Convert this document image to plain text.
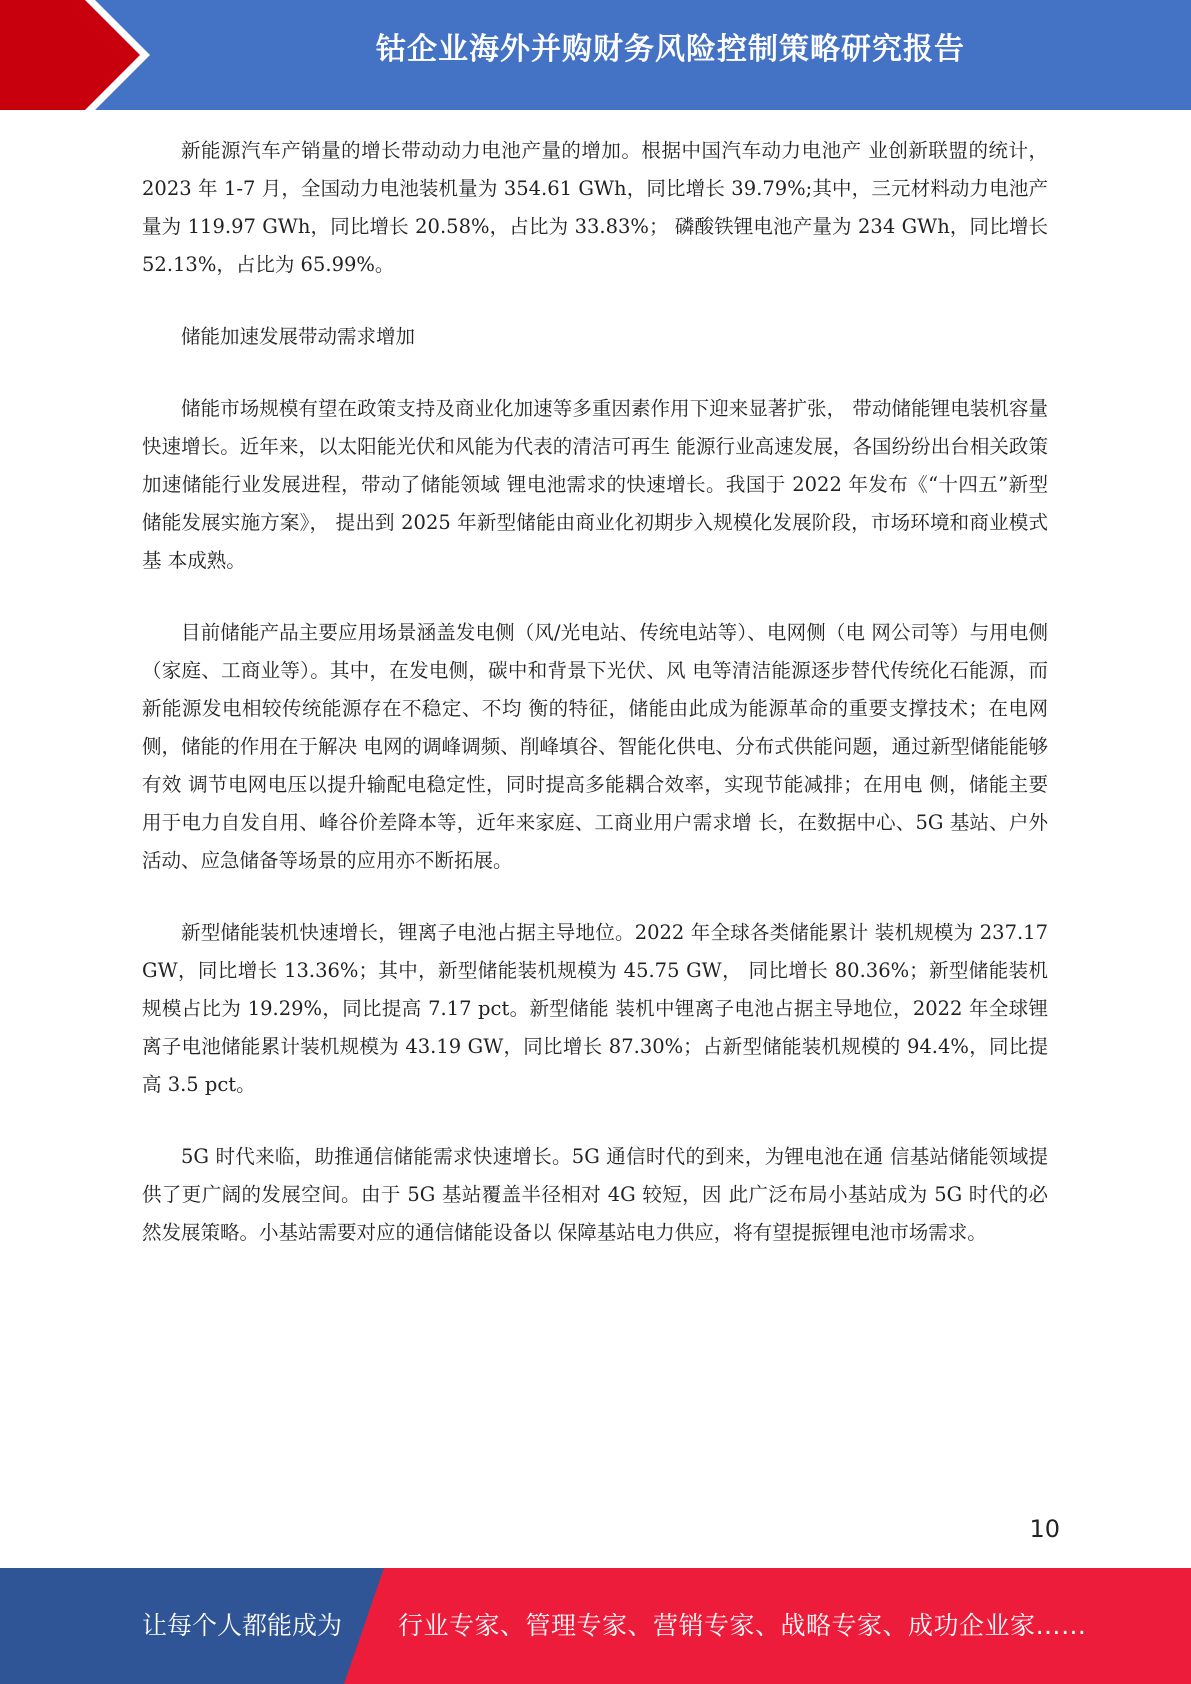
钴企业海外并购财务风险控制策略研究报告

新能源汽车产销量的增长带动动力电池产量的增加。根据中国汽车动力电池产 业创新联盟的统计，2023 年 1-7 月，全国动力电池装机量为 354.61 GWh，同比增长 39.79%;其中，三元材料动力电池产量为 119.97 GWh，同比增长 20.58%，占比为 33.83%； 磷酸铁锂电池产量为 234 GWh，同比增长 52.13%，占比为 65.99%。

储能加速发展带动需求增加

储能市场规模有望在政策支持及商业化加速等多重因素作用下迎来显著扩张， 带动储能锂电装机容量快速增长。近年来，以太阳能光伏和风能为代表的清洁可再生 能源行业高速发展，各国纷纷出台相关政策加速储能行业发展进程，带动了储能领域 锂电池需求的快速增长。我国于 2022 年发布《“十四五”新型储能发展实施方案》， 提出到 2025 年新型储能由商业化初期步入规模化发展阶段，市场环境和商业模式基 本成熟。

目前储能产品主要应用场景涵盖发电侧（风/光电站、传统电站等）、电网侧（电 网公司等）与用电侧（家庭、工商业等）。其中，在发电侧，碳中和背景下光伏、风 电等清洁能源逐步替代传统化石能源，而新能源发电相较传统能源存在不稳定、不均 衡的特征，储能由此成为能源革命的重要支撑技术；在电网侧，储能的作用在于解决 电网的调峰调频、削峰填谷、智能化供电、分布式供能问题，通过新型储能能够有效 调节电网电压以提升输配电稳定性，同时提高多能耦合效率，实现节能减排；在用电 侧，储能主要用于电力自发自用、峰谷价差降本等，近年来家庭、工商业用户需求增 长，在数据中心、5G 基站、户外活动、应急储备等场景的应用亦不断拓展。

新型储能装机快速增长，锂离子电池占据主导地位。2022 年全球各类储能累计 装机规模为 237.17 GW，同比增长 13.36%；其中，新型储能装机规模为 45.75 GW， 同比增长 80.36%；新型储能装机规模占比为 19.29%，同比提高 7.17 pct。新型储能 装机中锂离子电池占据主导地位，2022 年全球锂离子电池储能累计装机规模为 43.19 GW，同比增长 87.30%；占新型储能装机规模的 94.4%，同比提高 3.5 pct。

5G 时代来临，助推通信储能需求快速增长。5G 通信时代的到来，为锂电池在通 信基站储能领域提供了更广阔的发展空间。由于 5G 基站覆盖半径相对 4G 较短，因 此广泛布局小基站成为 5G 时代的必然发展策略。小基站需要对应的通信储能设备以 保障基站电力供应，将有望提振锂电池市场需求。

10
让每个人都能成为 行业专家、管理专家、营销专家、战略专家、成功企业家……
